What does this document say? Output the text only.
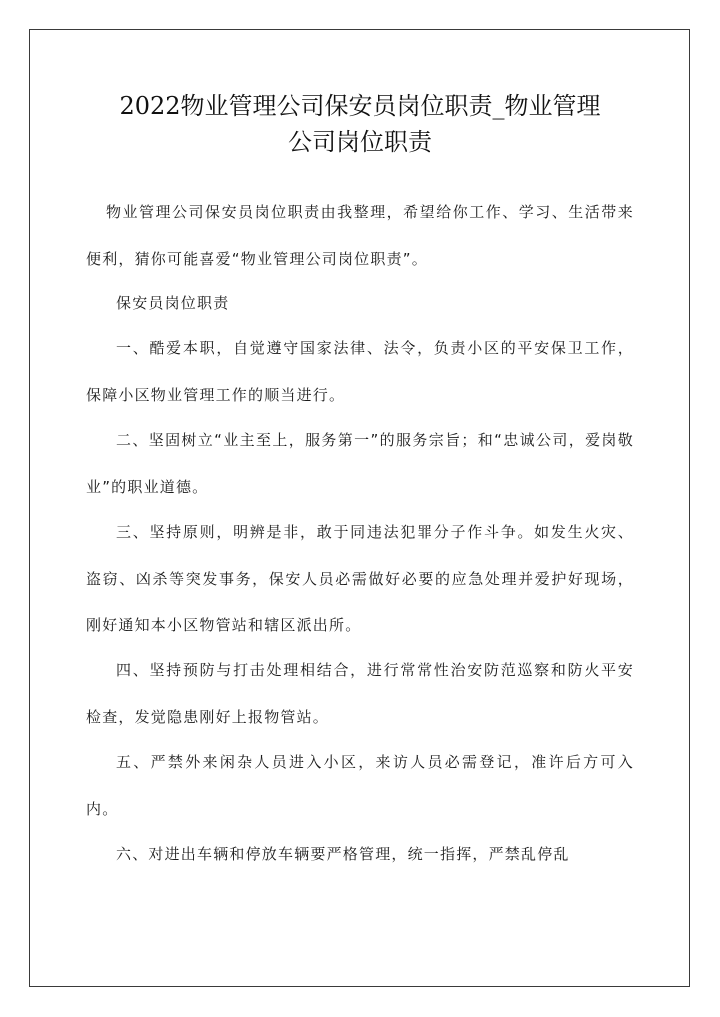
2022物业管理公司保安员岗位职责_物业管理
公司岗位职责

物业管理公司保安员岗位职责由我整理，希望给你工作、学习、生活带来便利，猜你可能喜爱“物业管理公司岗位职责”。

保安员岗位职责

一、酷爱本职，自觉遵守国家法律、法令，负责小区的平安保卫工作，保障小区物业管理工作的顺当进行。

二、坚固树立“业主至上，服务第一”的服务宗旨；和“忠诚公司，爱岗敬业”的职业道德。

三、坚持原则，明辨是非，敢于同违法犯罪分子作斗争。如发生火灾、盗窃、凶杀等突发事务，保安人员必需做好必要的应急处理并爱护好现场，刚好通知本小区物管站和辖区派出所。

四、坚持预防与打击处理相结合，进行常常性治安防范巡察和防火平安检查，发觉隐患刚好上报物管站。

五、严禁外来闲杂人员进入小区，来访人员必需登记，准许后方可入内。

六、对进出车辆和停放车辆要严格管理，统一指挥，严禁乱停乱
